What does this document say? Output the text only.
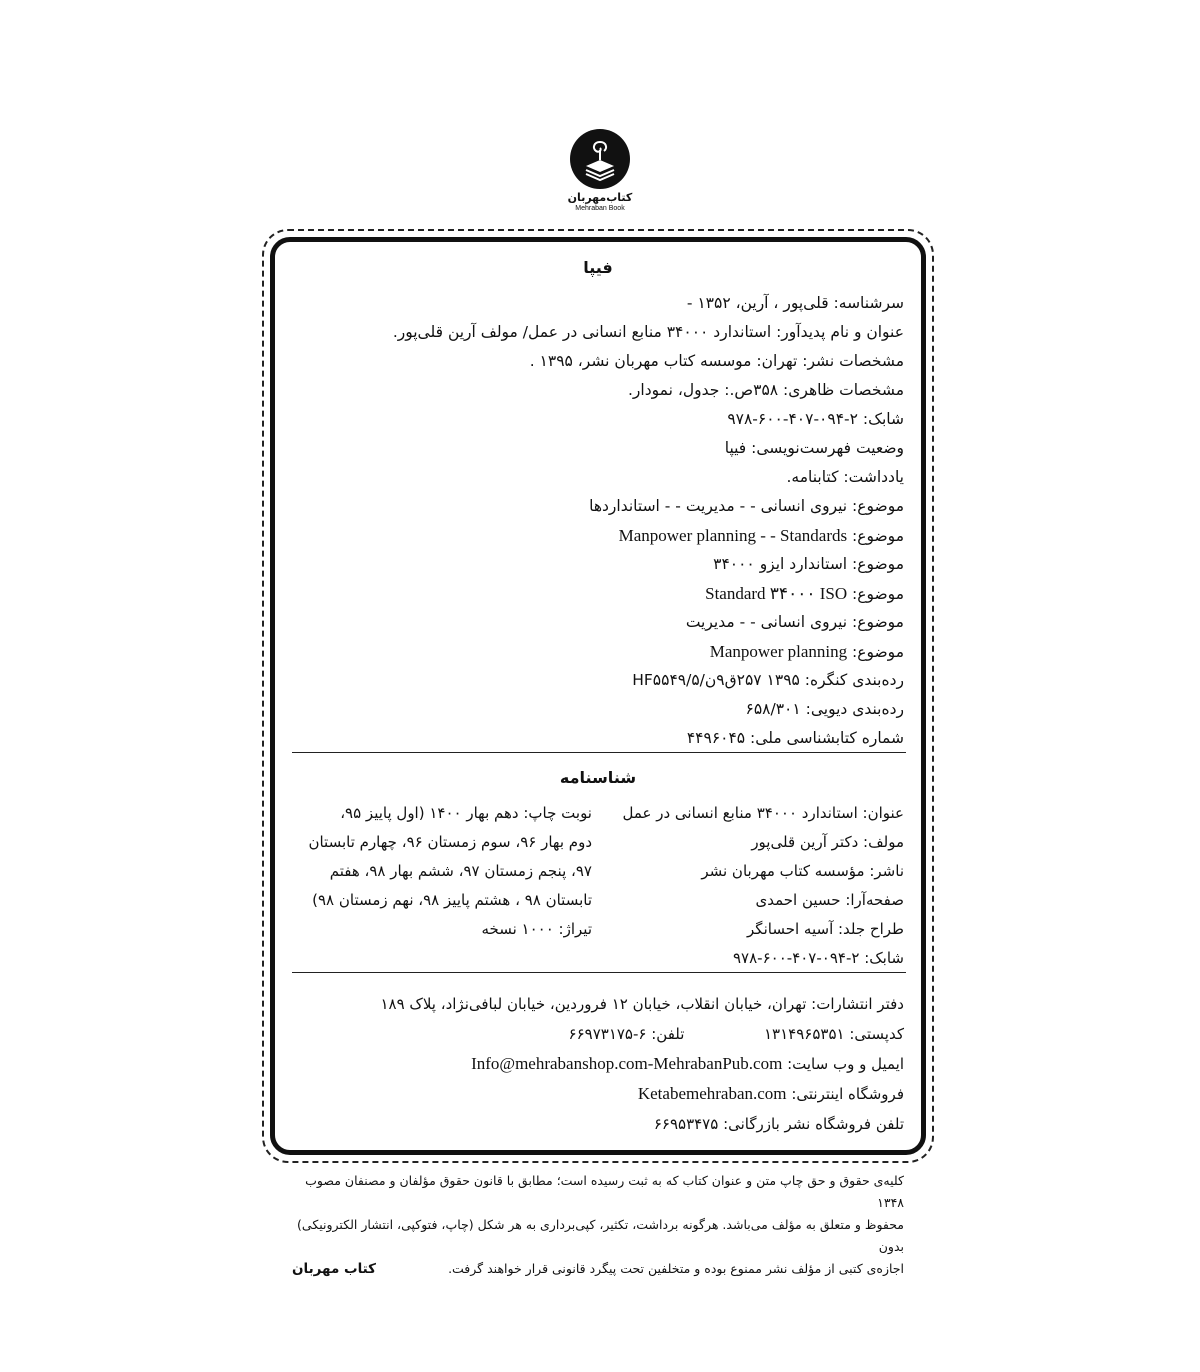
کتاب‌مهربان
Mehraban Book
فیپا
سرشناسه: قلی‌پور ، آرین، ۱۳۵۲ -
عنوان و نام پدیدآور: استاندارد ۳۴۰۰۰ منابع انسانی در عمل/ مولف آرین قلی‌پور.
مشخصات نشر: تهران: موسسه کتاب مهربان نشر، ۱۳۹۵ .
مشخصات ظاهری: ۳۵۸ص.: جدول، نمودار.
شابک: ۲-۰۹۴-۴۰۷-۶۰۰-۹۷۸
وضعیت فهرست‌نویسی: فیپا
یادداشت: کتابنامه.
موضوع: نیروی انسانی - - مدیریت - - استانداردها
موضوع: Manpower planning - - Standards
موضوع: استاندارد ایزو ۳۴۰۰۰
موضوع: Standard ۳۴۰۰۰ ISO
موضوع: نیروی انسانی - - مدیریت
موضوع: Manpower planning
رده‌بندی کنگره: ۱۳۹۵ ۲۵۷ق۹ن/۵/HF۵۵۴۹
رده‌بندی دیویی: ۶۵۸/۳۰۱
شماره کتابشناسی ملی: ۴۴۹۶۰۴۵
شناسنامه
عنوان: استاندارد ۳۴۰۰۰ منابع انسانی در عمل
مولف: دکتر آرین قلی‌پور
ناشر: مؤسسه کتاب مهربان نشر
صفحه‌آرا: حسین احمدی
طراح جلد: آسیه احسانگر
شابک: ۲-۰۹۴-۴۰۷-۶۰۰-۹۷۸
نوبت چاپ: دهم بهار ۱۴۰۰ (اول پاییز ۹۵،
دوم بهار ۹۶، سوم زمستان ۹۶، چهارم تابستان
۹۷، پنجم زمستان ۹۷، ششم بهار ۹۸، هفتم
تابستان ۹۸ ، هشتم پاییز ۹۸، نهم زمستان ۹۸)
تیراژ: ۱۰۰۰ نسخه
دفتر انتشارات: تهران، خیابان انقلاب، خیابان ۱۲ فروردین، خیابان لبافی‌نژاد، پلاک ۱۸۹
کدپستی: ۱۳۱۴۹۶۵۳۵۱  تلفن: ۶-۶۶۹۷۳۱۷۵
ایمیل و وب سایت: Info@mehrabanshop.com-MehrabanPub.com
فروشگاه اینترنتی: Ketabemehraban.com
تلفن فروشگاه نشر بازرگانی: ۶۶۹۵۳۴۷۵
کلیه‌ی حقوق و حق چاپ متن و عنوان کتاب که به ثبت رسیده است؛ مطابق با قانون حقوق مؤلفان و مصنفان مصوب ۱۳۴۸
محفوظ و متعلق به مؤلف می‌باشد. هرگونه برداشت، تکثیر، کپی‌برداری به هر شکل (چاپ، فتوکپی، انتشار الکترونیکی) بدون
اجازه‌ی کتبی از مؤلف نشر ممنوع بوده و متخلفین تحت پیگرد قانونی قرار خواهند گرفت.
کتاب مهربان
